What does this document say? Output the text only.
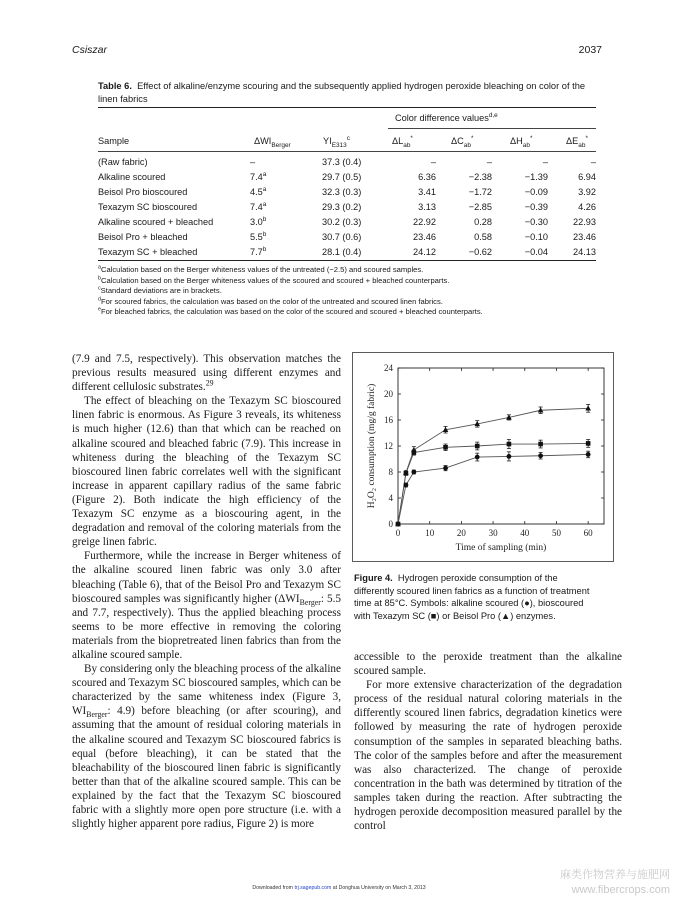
Csiszar	2037
Table 6. Effect of alkaline/enzyme scouring and the subsequently applied hydrogen peroxide bleaching on color of the linen fabrics
Color difference values$^{d,e}$
Sample	$\Delta WI_{Berger}$	$YI_{E313}^c$	$\Delta L_{ab}^*$	$\Delta C_{ab}^*$	$\Delta H_{ab}^*$	$\Delta E_{ab}^*$
(Raw fabric)	–	37.3 (0.4)	–	–	–	–
Alkaline scoured	7.4$^a$	29.7 (0.5)	6.36	−2.38	−1.39	6.94
Beisol Pro bioscoured	4.5$^a$	32.3 (0.3)	3.41	−1.72	−0.09	3.92
Texazym SC bioscoured	7.4$^a$	29.3 (0.2)	3.13	−2.85	−0.39	4.26
Alkaline scoured + bleached	3.0$^b$	30.2 (0.3)	22.92	0.28	−0.30	22.93
Beisol Pro + bleached	5.5$^b$	30.7 (0.6)	23.46	0.58	−0.10	23.46
Texazym SC + bleached	7.7$^b$	28.1 (0.4)	24.12	−0.62	−0.04	24.13
$^a$Calculation based on the Berger whiteness values of the untreated (−2.5) and scoured samples.
$^b$Calculation based on the Berger whiteness values of the scoured and scoured + bleached counterparts.
$^c$Standard deviations are in brackets.
$^d$For scoured fabrics, the calculation was based on the color of the untreated and scoured linen fabrics.
$^e$For bleached fabrics, the calculation was based on the color of the scoured and scoured + bleached counterparts.

(7.9 and 7.5, respectively). This observation matches the previous results measured using different enzymes and different cellulosic substrates.$^{29}$

The effect of bleaching on the Texazym SC bioscoured linen fabric is enormous. As Figure 3 reveals, its whiteness is much higher (12.6) than that which can be reached on alkaline scoured and bleached fabric (7.9). This increase in whiteness during the bleaching of the Texazym SC bioscoured linen fabric correlates well with the significant increase in apparent capillary radius of the same fabric (Figure 2). Both indicate the high efficiency of the Texazym SC enzyme as a bioscouring agent, in the degradation and removal of the coloring materials from the greige linen fabric.

Furthermore, while the increase in Berger whiteness of the alkaline scoured linen fabric was only 3.0 after bleaching (Table 6), that of the Beisol Pro and Texazym SC bioscoured samples was significantly higher ($\Delta WI_{Berger}$: 5.5 and 7.7, respectively). Thus the applied bleaching process seems to be more effective in removing the coloring materials from the biopretreated linen fabrics than from the alkaline scoured sample.

By considering only the bleaching process of the alkaline scoured and Texazym SC bioscoured samples, which can be characterized by the same whiteness index (Figure 3, $WI_{Berger}$: 4.9) before bleaching (or after scouring), and assuming that the amount of residual coloring materials in the alkaline scoured and Texazym SC bioscoured fabrics is equal (before bleaching), it can be stated that the bleachability of the bioscoured linen fabric is significantly better than that of the alkaline scoured sample. This can be explained by the fact that the Texazym SC bioscoured fabric with a slightly more open pore structure (i.e. with a slightly higher apparent pore radius, Figure 2) is more

0	10	20	30	40	50	60
0
4
8
12
16
20
24
Time of sampling (min)
H₂O₂ consumption (mg/g fabric)
Figure 4. Hydrogen peroxide consumption of the differently scoured linen fabrics as a function of treatment time at 85°C. Symbols: alkaline scoured (●), bioscoured with Texazym SC (■) or Beisol Pro (▲) enzymes.

accessible to the peroxide treatment than the alkaline scoured sample.

For more extensive characterization of the degradation process of the residual natural coloring materials in the differently scoured linen fabrics, degradation kinetics were followed by measuring the rate of hydrogen peroxide consumption of the samples in separated bleaching baths. The color of the samples before and after the measurement was also characterized. The change of peroxide concentration in the bath was determined by titration of the samples taken during the reaction. After subtracting the hydrogen peroxide decomposition measured parallel by the control

Downloaded from trj.sagepub.com at Donghua University on March 3, 2013
麻类作物营养与施肥网
www.fibercrops.com
